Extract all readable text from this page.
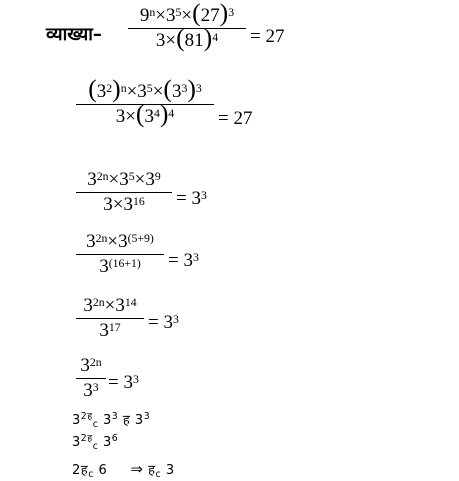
व्याख्या–
$9^n\times 3^5\times(27)^3$
$3\times(81)^4$	= 27
$(3^2)^n\times 3^5\times(3^3)^3$
$3\times(3^4)^4$	= 27
$3^{2n}\times 3^5\times 3^9$
$3\times 3^{16}$	= $3^3$
$3^{2n}\times 3^{(5+9)}$
$3^{(16+1)}$	= $3^3$
$3^{2n}\times 3^{14}$
$3^{17}$	= $3^3$
$3^{2n}$
$3^3 = 3^3$
$3^{2ह}_c$ $3^3$ ह $3^3$
$3^{2ह}_c$ $3^6$
2ह$_c$ 6 ⇒ ह$_c$ 3
